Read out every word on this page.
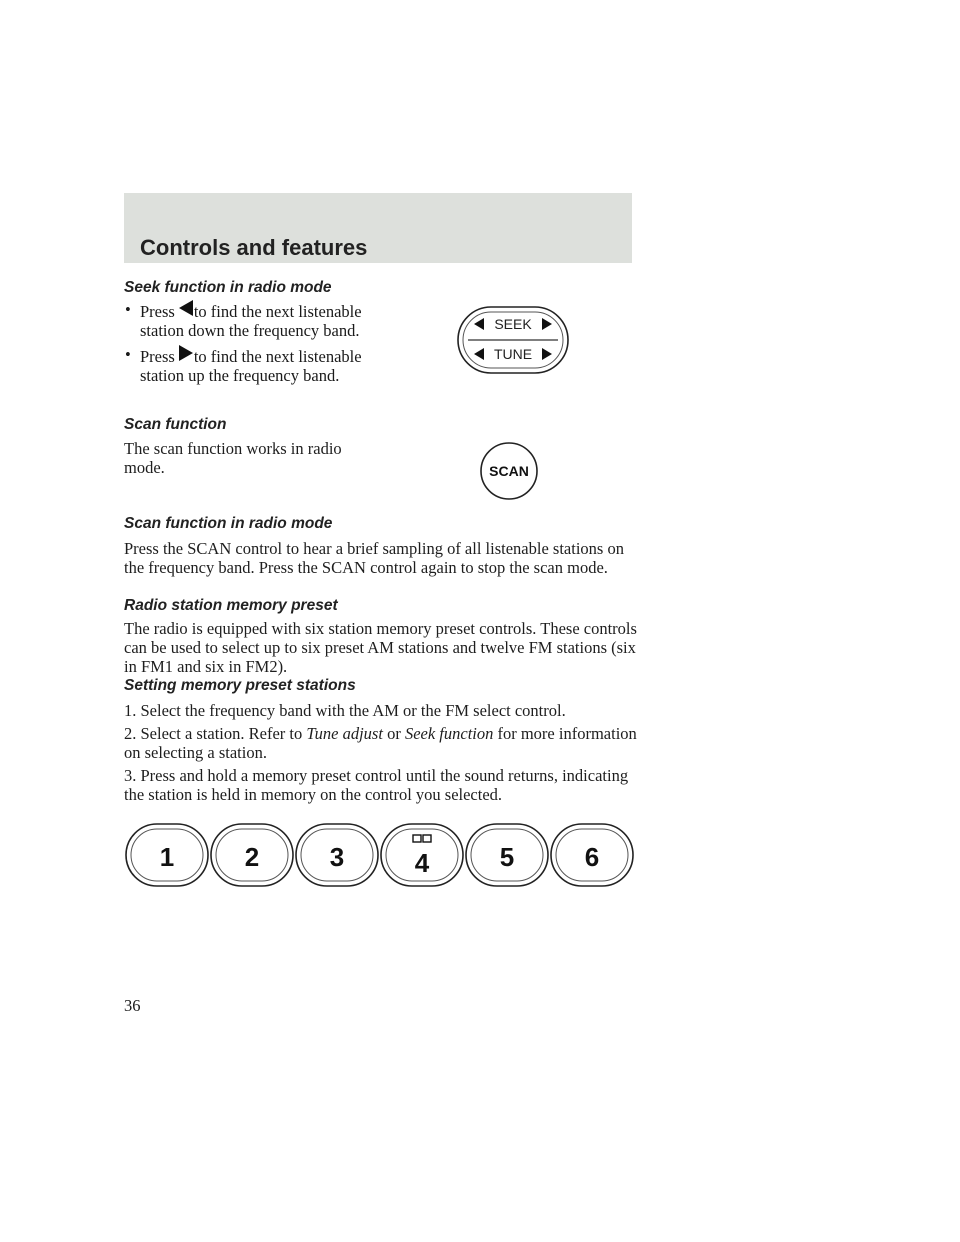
Controls and features
Seek function in radio mode
• Press to find the next listenable station down the frequency band.
• Press to find the next listenable station up the frequency band.
Scan function

The scan function works in radio mode.

Scan function in radio mode

Press the SCAN control to hear a brief sampling of all listenable stations on the frequency band. Press the SCAN control again to stop the scan mode.

Radio station memory preset

The radio is equipped with six station memory preset controls. These controls can be used to select up to six preset AM stations and twelve FM stations (six in FM1 and six in FM2).

Setting memory preset stations

1. Select the frequency band with the AM or the FM select control.

2. Select a station. Refer to Tune adjust or Seek function for more information on selecting a station.

3. Press and hold a memory preset control until the sound returns, indicating the station is held in memory on the control you selected.

SEEK
TUNE
SCAN
1	2	3	4	5	6

36
